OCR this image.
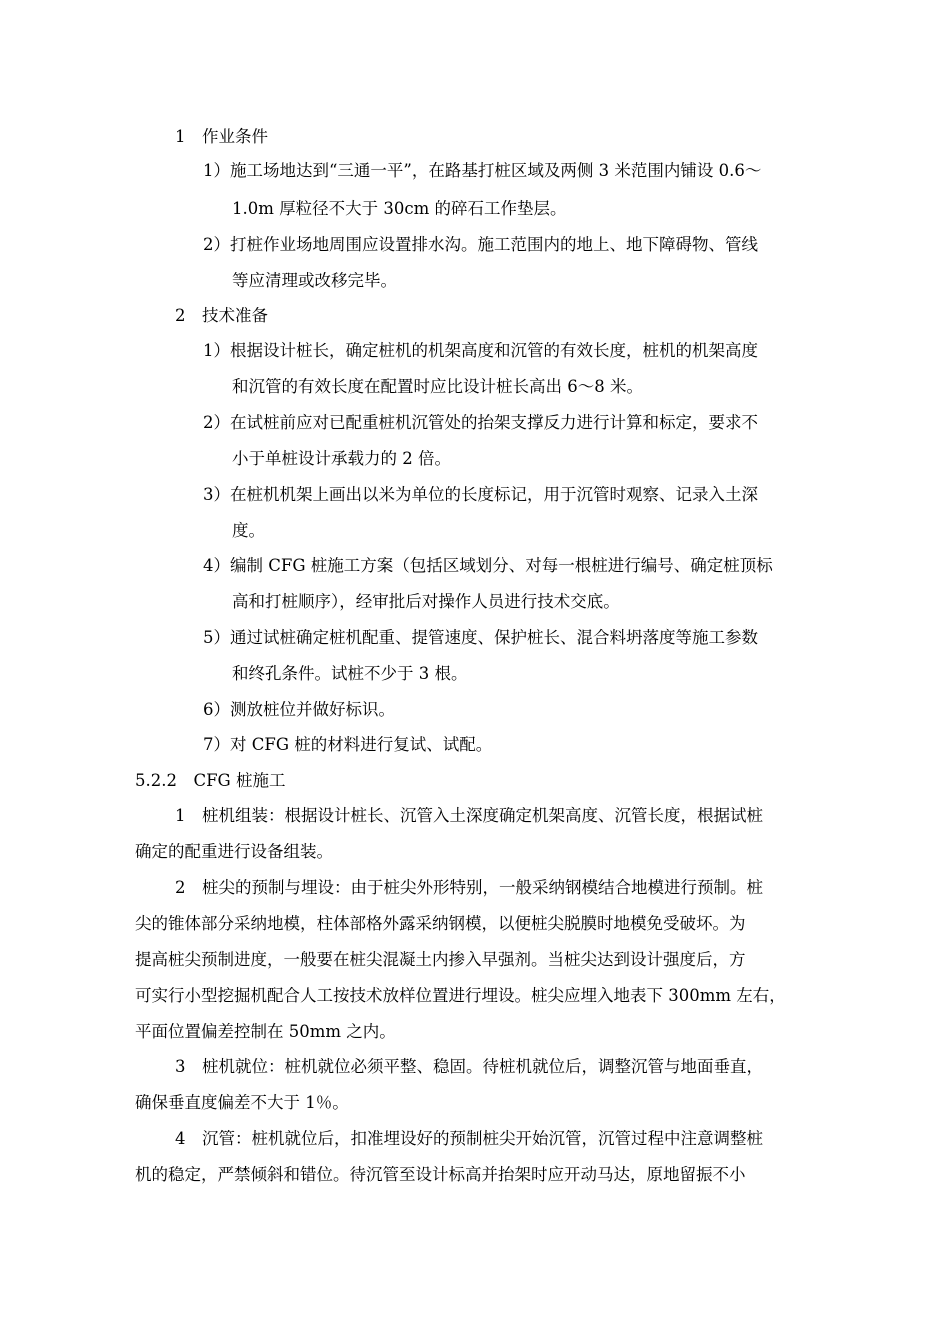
1　作业条件
1）施工场地达到“三通一平”，在路基打桩区域及两侧 3 米范围内铺设 0.6～
1.0m 厚粒径不大于 30cm 的碎石工作垫层。
2）打桩作业场地周围应设置排水沟。施工范围内的地上、地下障碍物、管线
等应清理或改移完毕。
2　技术准备
1）根据设计桩长，确定桩机的机架高度和沉管的有效长度，桩机的机架高度
和沉管的有效长度在配置时应比设计桩长高出 6～8 米。
2）在试桩前应对已配重桩机沉管处的抬架支撑反力进行计算和标定，要求不
小于单桩设计承载力的 2 倍。
3）在桩机机架上画出以米为单位的长度标记，用于沉管时观察、记录入土深
度。
4）编制 CFG 桩施工方案（包括区域划分、对每一根桩进行编号、确定桩顶标
高和打桩顺序），经审批后对操作人员进行技术交底。
5）通过试桩确定桩机配重、提管速度、保护桩长、混合料坍落度等施工参数
和终孔条件。试桩不少于 3 根。
6）测放桩位并做好标识。
7）对 CFG 桩的材料进行复试、试配。
5.2.2　CFG 桩施工
1　桩机组装：根据设计桩长、沉管入土深度确定机架高度、沉管长度，根据试桩
确定的配重进行设备组装。
2　桩尖的预制与埋设：由于桩尖外形特别，一般采纳钢模结合地模进行预制。桩
尖的锥体部分采纳地模，柱体部格外露采纳钢模，以便桩尖脱膜时地模免受破坏。为
提高桩尖预制进度，一般要在桩尖混凝土内掺入早强剂。当桩尖达到设计强度后，方
可实行小型挖掘机配合人工按技术放样位置进行埋设。桩尖应埋入地表下 300mm 左右，
平面位置偏差控制在 50mm 之内。
3　桩机就位：桩机就位必须平整、稳固。待桩机就位后，调整沉管与地面垂直，
确保垂直度偏差不大于 1％。
4　沉管：桩机就位后，扣准埋设好的预制桩尖开始沉管，沉管过程中注意调整桩
机的稳定，严禁倾斜和错位。待沉管至设计标高并抬架时应开动马达，原地留振不小
